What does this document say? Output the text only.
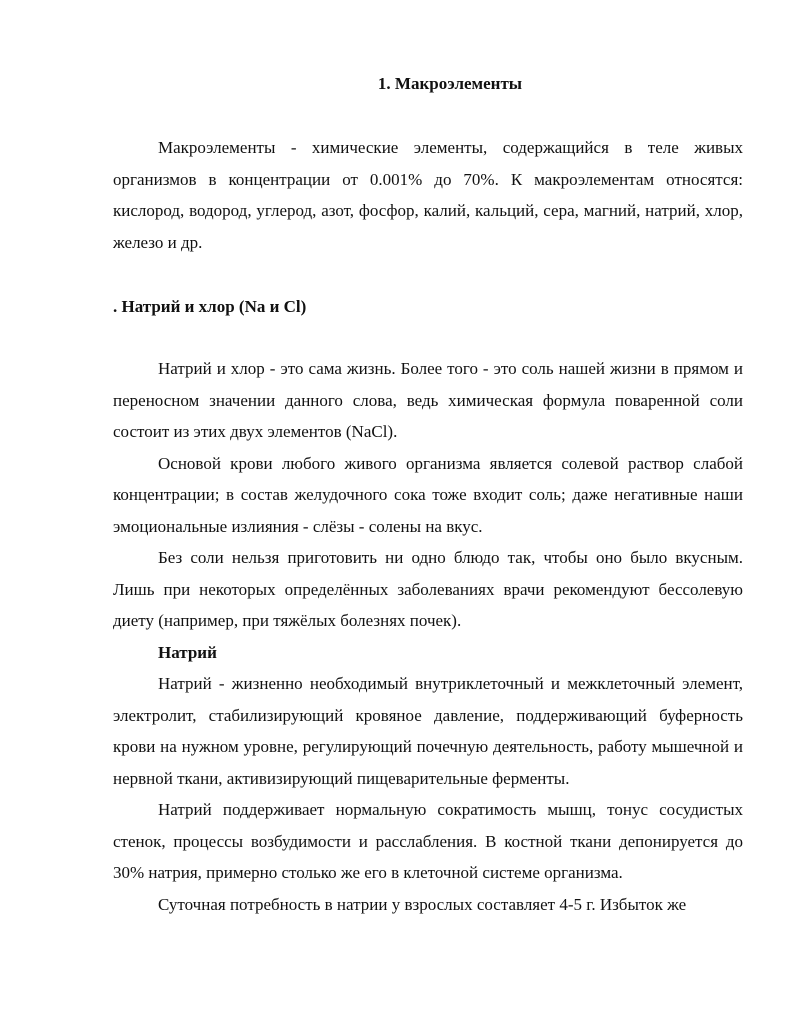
1. Макроэлементы

Макроэлементы - химические элементы, содержащийся в теле живых организмов в концентрации от 0.001% до 70%. К макроэлементам относятся: кислород, водород, углерод, азот, фосфор, калий, кальций, сера, магний, натрий, хлор, железо и др.

. Натрий и хлор (Na и Cl)

Натрий и хлор - это сама жизнь. Более того - это соль нашей жизни в прямом и переносном значении данного слова, ведь химическая формула поваренной соли состоит из этих двух элементов (NaCl).

Основой крови любого живого организма является солевой раствор слабой концентрации; в состав желудочного сока тоже входит соль; даже негативные наши эмоциональные излияния - слёзы - солены на вкус.

Без соли нельзя приготовить ни одно блюдо так, чтобы оно было вкусным. Лишь при некоторых определённых заболеваниях врачи рекомендуют бессолевую диету (например, при тяжёлых болезнях почек).

Натрий

Натрий - жизненно необходимый внутриклеточный и межклеточный элемент, электролит, стабилизирующий кровяное давление, поддерживающий буферность крови на нужном уровне, регулирующий почечную деятельность, работу мышечной и нервной ткани, активизирующий пищеварительные ферменты.

Натрий поддерживает нормальную сократимость мышц, тонус сосудистых стенок, процессы возбудимости и расслабления. В костной ткани депонируется до 30% натрия, примерно столько же его в клеточной системе организма.

Суточная потребность в натрии у взрослых составляет 4-5 г. Избыток же
